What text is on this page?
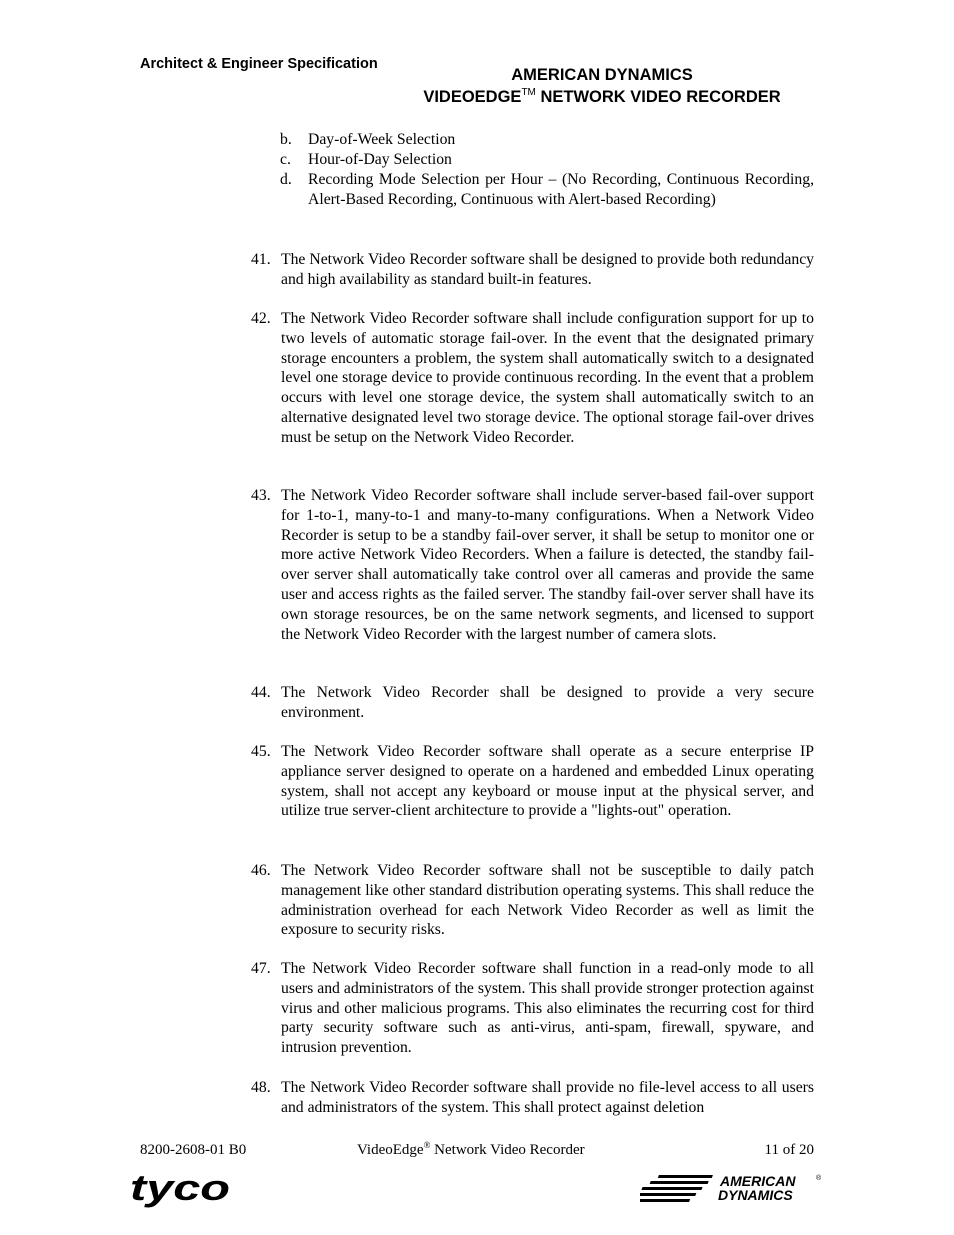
Architect & Engineer Specification
AMERICAN DYNAMICS
VIDEOEDGE™ NETWORK VIDEO RECORDER
b. Day-of-Week Selection
c. Hour-of-Day Selection
d. Recording Mode Selection per Hour – (No Recording, Continuous Recording, Alert-Based Recording, Continuous with Alert-based Recording)
41. The Network Video Recorder software shall be designed to provide both redundancy and high availability as standard built-in features.
42. The Network Video Recorder software shall include configuration support for up to two levels of automatic storage fail-over. In the event that the designated primary storage encounters a problem, the system shall automatically switch to a designated level one storage device to provide continuous recording. In the event that a problem occurs with level one storage device, the system shall automatically switch to an alternative designated level two storage device. The optional storage fail-over drives must be setup on the Network Video Recorder.
43. The Network Video Recorder software shall include server-based fail-over support for 1-to-1, many-to-1 and many-to-many configurations. When a Network Video Recorder is setup to be a standby fail-over server, it shall be setup to monitor one or more active Network Video Recorders. When a failure is detected, the standby fail-over server shall automatically take control over all cameras and provide the same user and access rights as the failed server. The standby fail-over server shall have its own storage resources, be on the same network segments, and licensed to support the Network Video Recorder with the largest number of camera slots.
44. The Network Video Recorder shall be designed to provide a very secure environment.
45. The Network Video Recorder software shall operate as a secure enterprise IP appliance server designed to operate on a hardened and embedded Linux operating system, shall not accept any keyboard or mouse input at the physical server, and utilize true server-client architecture to provide a "lights-out" operation.
46. The Network Video Recorder software shall not be susceptible to daily patch management like other standard distribution operating systems. This shall reduce the administration overhead for each Network Video Recorder as well as limit the exposure to security risks.
47. The Network Video Recorder software shall function in a read-only mode to all users and administrators of the system. This shall provide stronger protection against virus and other malicious programs. This also eliminates the recurring cost for third party security software such as anti-virus, anti-spam, firewall, spyware, and intrusion prevention.
48. The Network Video Recorder software shall provide no file-level access to all users and administrators of the system. This shall protect against deletion
8200-2608-01 B0	VideoEdge® Network Video Recorder	11 of 20
tyco	AMERICAN
DYNAMICS
®
